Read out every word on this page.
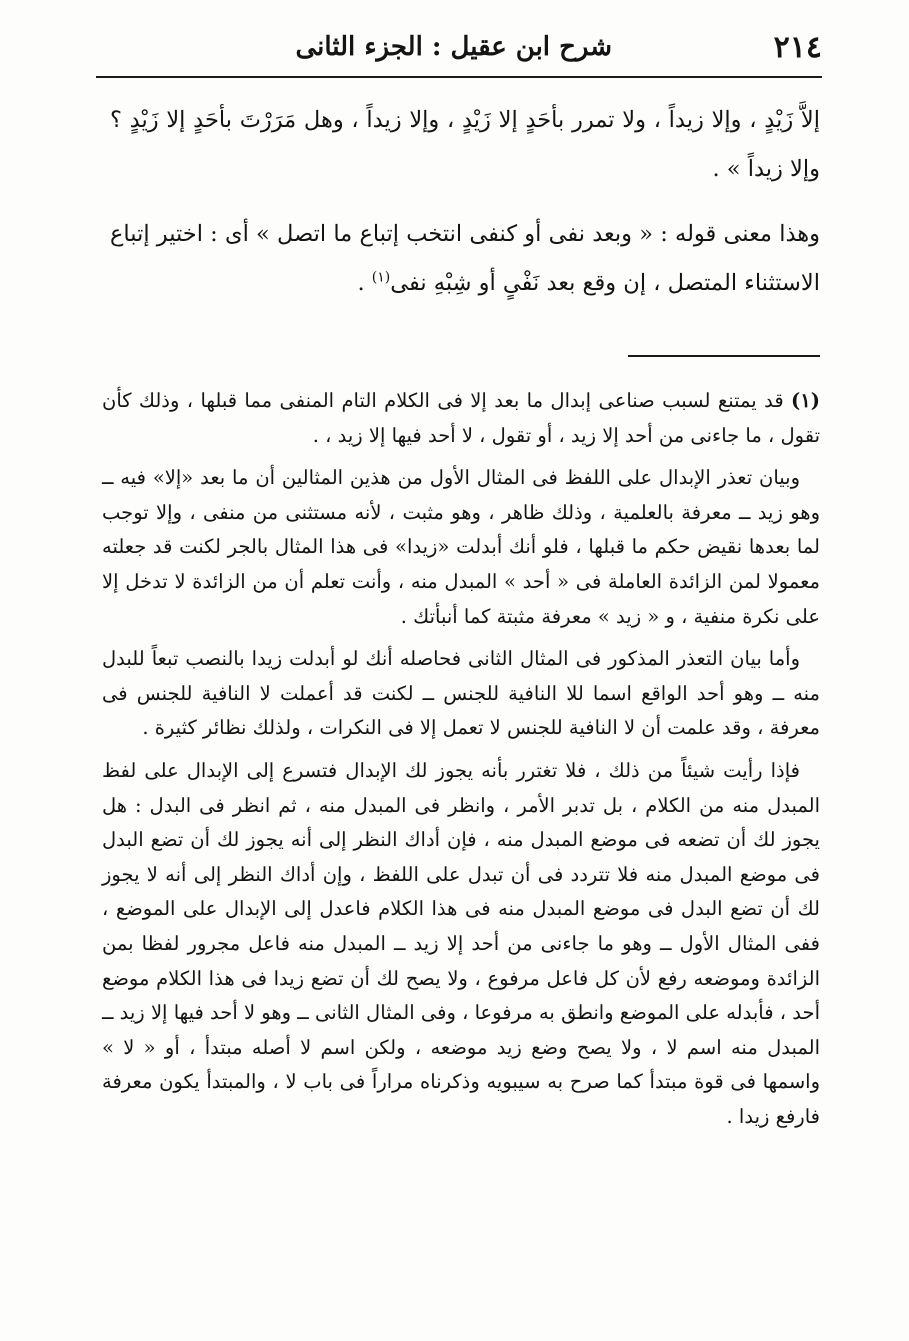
٢١٤
شرح ابن عقيل : الجزء الثانى

إلاَّ زَيْدٍ ، وإلا زيداً ، ولا تمرر بأحَدٍ إلا زَيْدٍ ، وإلا زيداً ، وهل مَرَرْتَ بأحَدٍ إلا زَيْدٍ ؟ وإلا زيداً » .

وهذا معنى قوله : « وبعد نفى أو كنفى انتخب إتباع ما اتصل » أى : اختير إتباع الاستثناء المتصل ، إن وقع بعد نَفْىٍ أو شِبْهِ نفى$^{(١)}$ .

(١) قد يمتنع لسبب صناعى إبدال ما بعد إلا فى الكلام التام المنفى مما قبلها ، وذلك كأن تقول ، ما جاءنى من أحد إلا زيد ، أو تقول ، لا أحد فيها إلا زيد ، .

وبيان تعذر الإبدال على اللفظ فى المثال الأول من هذين المثالين أن ما بعد «إلا» فيه ــ وهو زيد ــ معرفة بالعلمية ، وذلك ظاهر ، وهو مثبت ، لأنه مستثنى من منفى ، وإلا توجب لما بعدها نقيض حكم ما قبلها ، فلو أنك أبدلت «زيدا» فى هذا المثال بالجر لكنت قد جعلته معمولا لمن الزائدة العاملة فى « أحد » المبدل منه ، وأنت تعلم أن من الزائدة لا تدخل إلا على نكرة منفية ، و « زيد » معرفة مثبتة كما أنبأتك .

وأما بيان التعذر المذكور فى المثال الثانى فحاصله أنك لو أبدلت زيدا بالنصب تبعاً للبدل منه ــ وهو أحد الواقع اسما للا النافية للجنس ــ لكنت قد أعملت لا النافية للجنس فى معرفة ، وقد علمت أن لا النافية للجنس لا تعمل إلا فى النكرات ، ولذلك نظائر كثيرة .

فإذا رأيت شيئاً من ذلك ، فلا تغترر بأنه يجوز لك الإبدال فتسرع إلى الإبدال على لفظ المبدل منه من الكلام ، بل تدبر الأمر ، وانظر فى المبدل منه ، ثم انظر فى البدل : هل يجوز لك أن تضعه فى موضع المبدل منه ، فإن أداك النظر إلى أنه يجوز لك أن تضع البدل فى موضع المبدل منه فلا تتردد فى أن تبدل على اللفظ ، وإن أداك النظر إلى أنه لا يجوز لك أن تضع البدل فى موضع المبدل منه فى هذا الكلام فاعدل إلى الإبدال على الموضع ، ففى المثال الأول ــ وهو ما جاءنى من أحد إلا زيد ــ المبدل منه فاعل مجرور لفظا بمن الزائدة وموضعه رفع لأن كل فاعل مرفوع ، ولا يصح لك أن تضع زيدا فى هذا الكلام موضع أحد ، فأبدله على الموضع وانطق به مرفوعا ، وفى المثال الثانى ــ وهو لا أحد فيها إلا زيد ــ المبدل منه اسم لا ، ولا يصح وضع زيد موضعه ، ولكن اسم لا أصله مبتدأ ، أو « لا » واسمها فى قوة مبتدأ كما صرح به سيبويه وذكرناه مراراً فى باب لا ، والمبتدأ يكون معرفة فارفع زيدا .
